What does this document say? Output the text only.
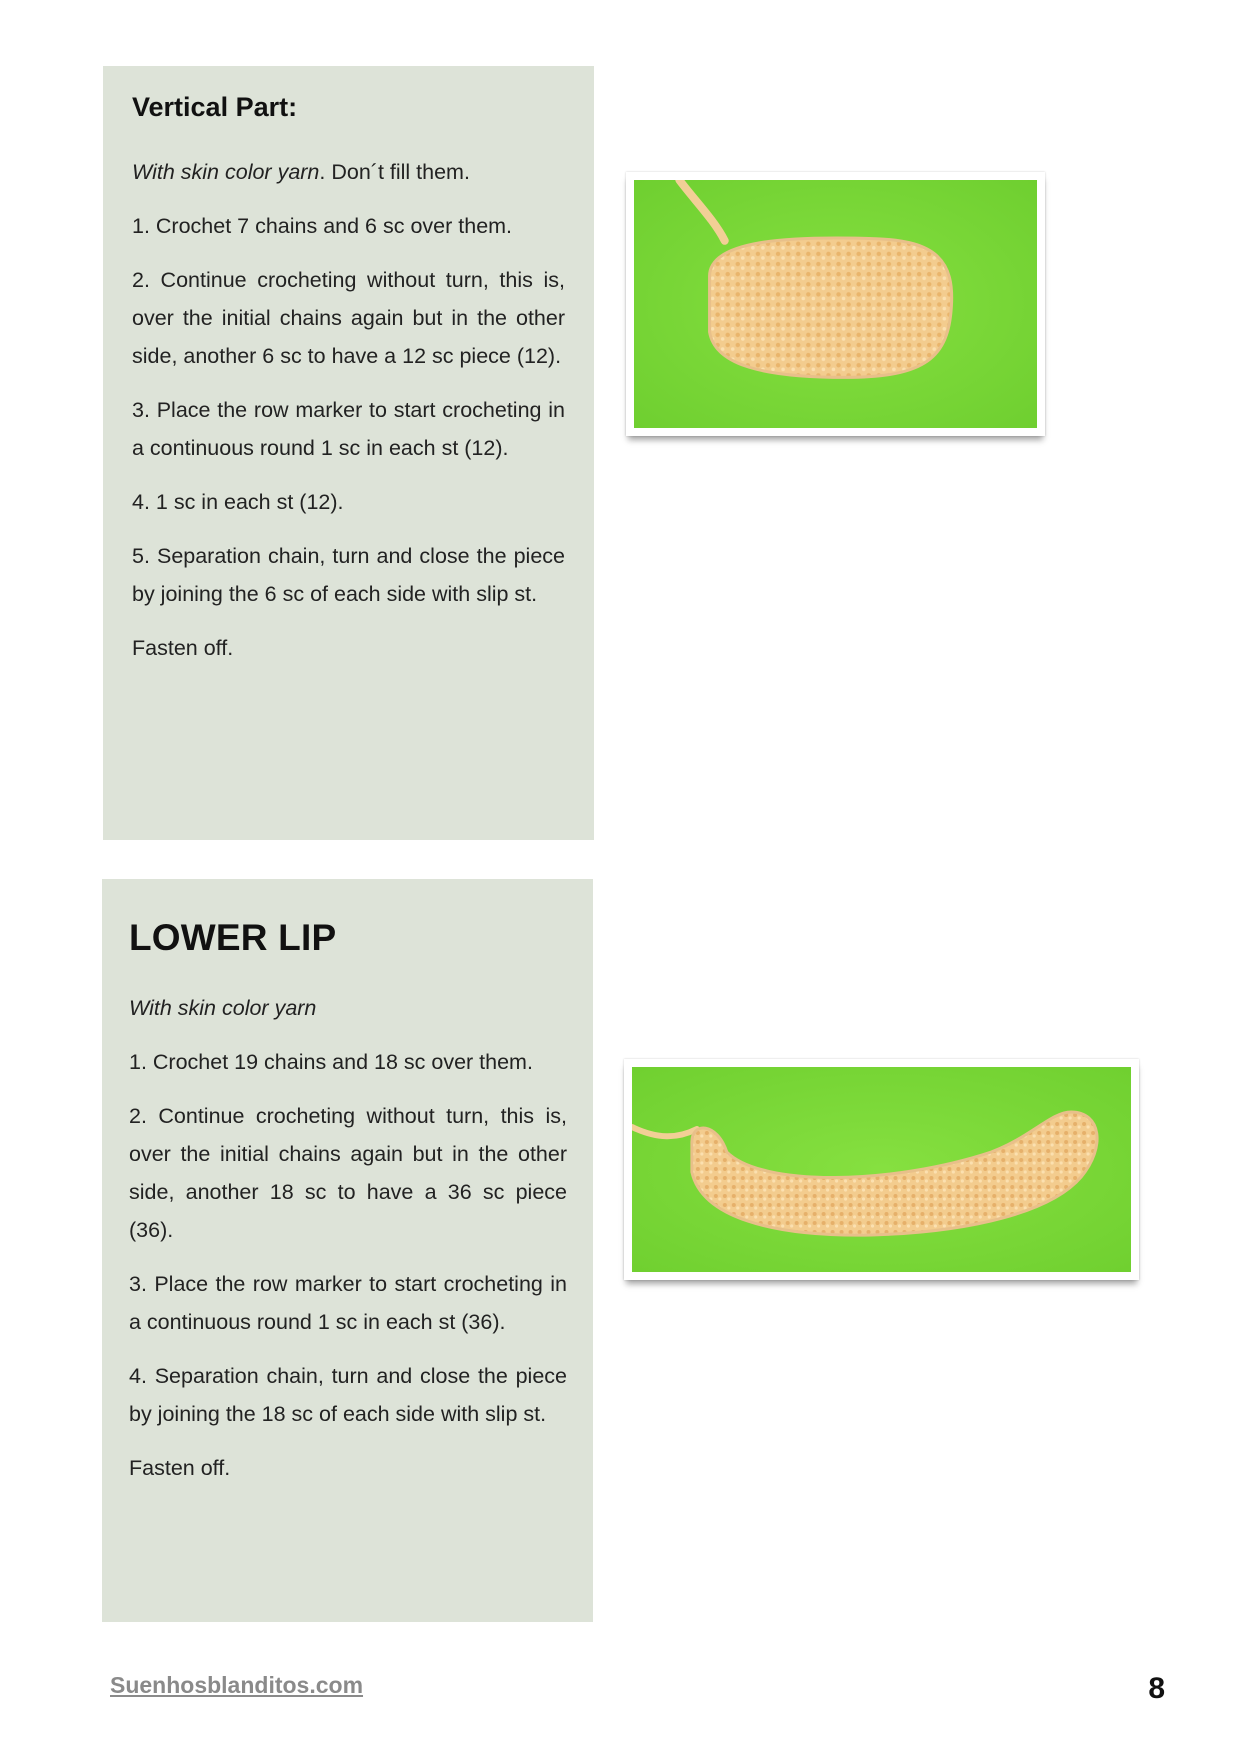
Vertical Part:

With skin color yarn. Don´t fill them.

1. Crochet 7 chains and 6 sc over them.

2. Continue crocheting without turn, this is, over the initial chains again but in the other side, another 6 sc to have a 12 sc piece (12).

3. Place the row marker to start crocheting in a continuous round 1 sc in each st (12).

4. 1 sc in each st (12).

5. Separation chain, turn and close the piece by joining the 6 sc of each side with slip st.

Fasten off.

LOWER LIP

With skin color yarn

1. Crochet 19 chains and 18 sc over them.

2. Continue crocheting without turn, this is, over the initial chains again but in the other side, another 18 sc to have a 36 sc piece (36).

3. Place the row marker to start crocheting in a continuous round 1 sc in each st (36).

4. Separation chain, turn and close the piece by joining the 18 sc of each side with slip st.

Fasten off.

Suenhosblanditos.com	8
